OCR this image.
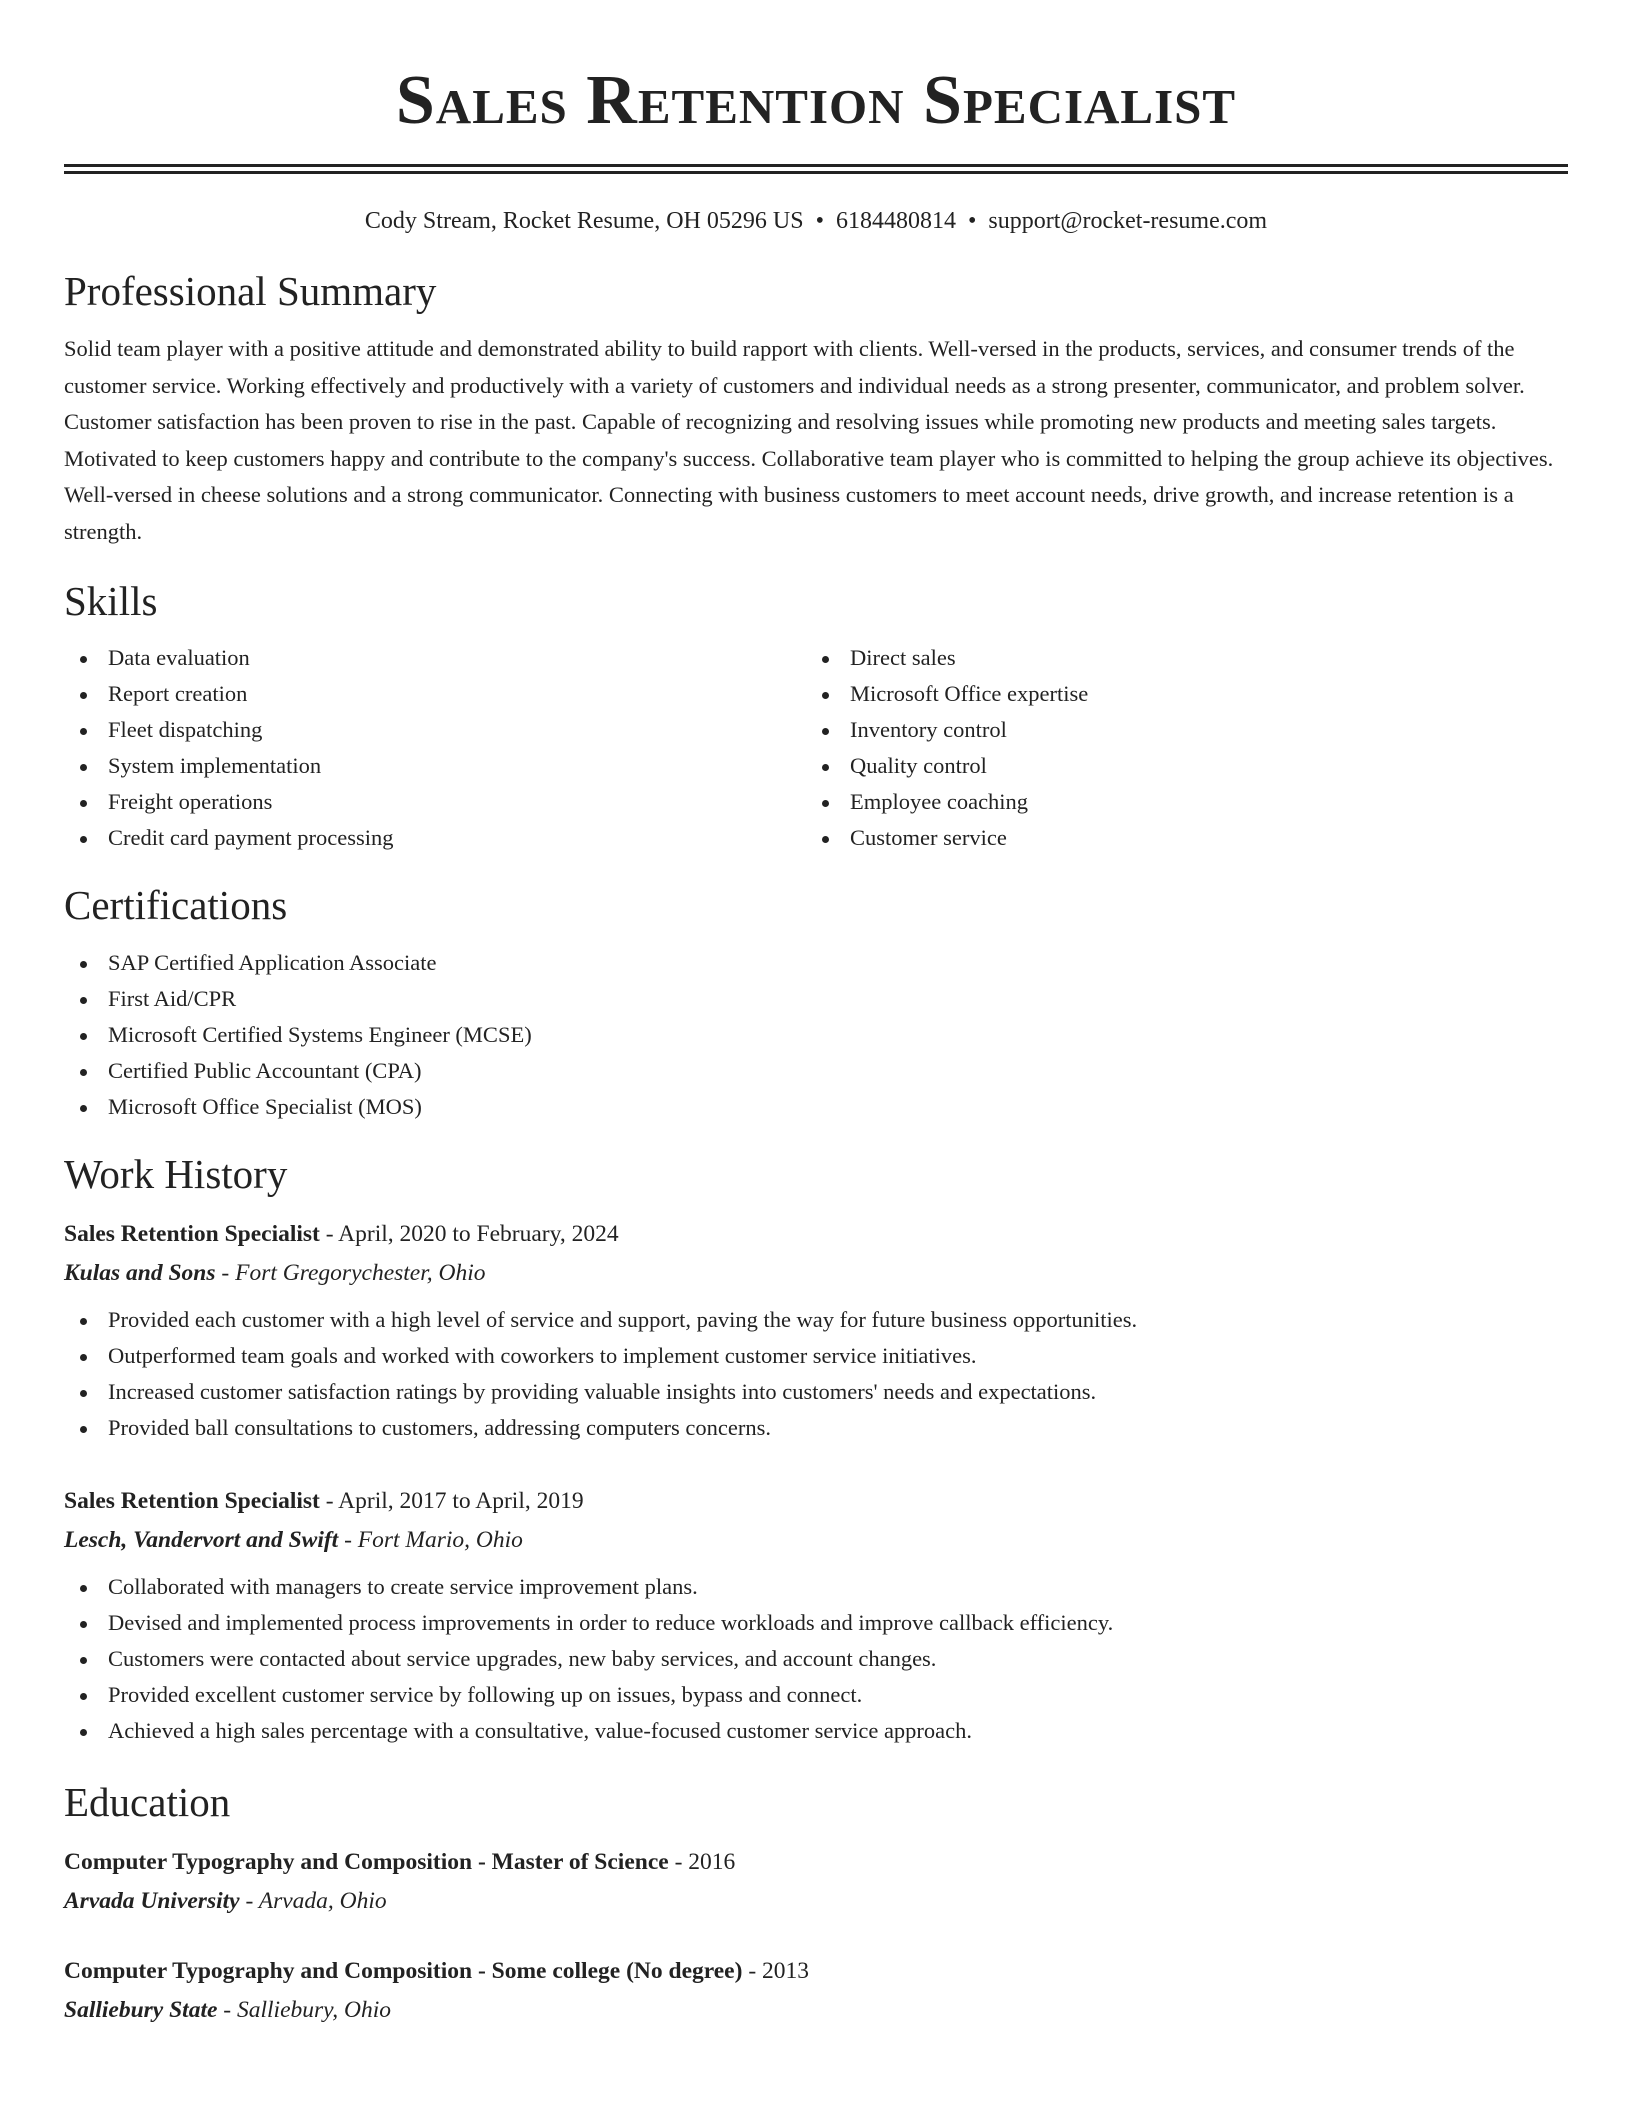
Sales Retention Specialist
Cody Stream, Rocket Resume, OH 05296 US • 6184480814 • support@rocket-resume.com
Professional Summary

Solid team player with a positive attitude and demonstrated ability to build rapport with clients. Well-versed in the products, services, and consumer trends of the customer service. Working effectively and productively with a variety of customers and individual needs as a strong presenter, communicator, and problem solver. Customer satisfaction has been proven to rise in the past. Capable of recognizing and resolving issues while promoting new products and meeting sales targets. Motivated to keep customers happy and contribute to the company's success. Collaborative team player who is committed to helping the group achieve its objectives. Well-versed in cheese solutions and a strong communicator. Connecting with business customers to meet account needs, drive growth, and increase retention is a strength.

Skills
Data evaluation
Report creation
Fleet dispatching
System implementation
Freight operations
Credit card payment processing
Direct sales
Microsoft Office expertise
Inventory control
Quality control
Employee coaching
Customer service
Certifications
SAP Certified Application Associate
First Aid/CPR
Microsoft Certified Systems Engineer (MCSE)
Certified Public Accountant (CPA)
Microsoft Office Specialist (MOS)
Work History
Sales Retention Specialist - April, 2020 to February, 2024
Kulas and Sons - Fort Gregorychester, Ohio
Provided each customer with a high level of service and support, paving the way for future business opportunities.
Outperformed team goals and worked with coworkers to implement customer service initiatives.
Increased customer satisfaction ratings by providing valuable insights into customers' needs and expectations.
Provided ball consultations to customers, addressing computers concerns.
Sales Retention Specialist - April, 2017 to April, 2019
Lesch, Vandervort and Swift - Fort Mario, Ohio
Collaborated with managers to create service improvement plans.
Devised and implemented process improvements in order to reduce workloads and improve callback efficiency.
Customers were contacted about service upgrades, new baby services, and account changes.
Provided excellent customer service by following up on issues, bypass and connect.
Achieved a high sales percentage with a consultative, value-focused customer service approach.
Education
Computer Typography and Composition - Master of Science - 2016
Arvada University - Arvada, Ohio
Computer Typography and Composition - Some college (No degree) - 2013
Salliebury State - Salliebury, Ohio
